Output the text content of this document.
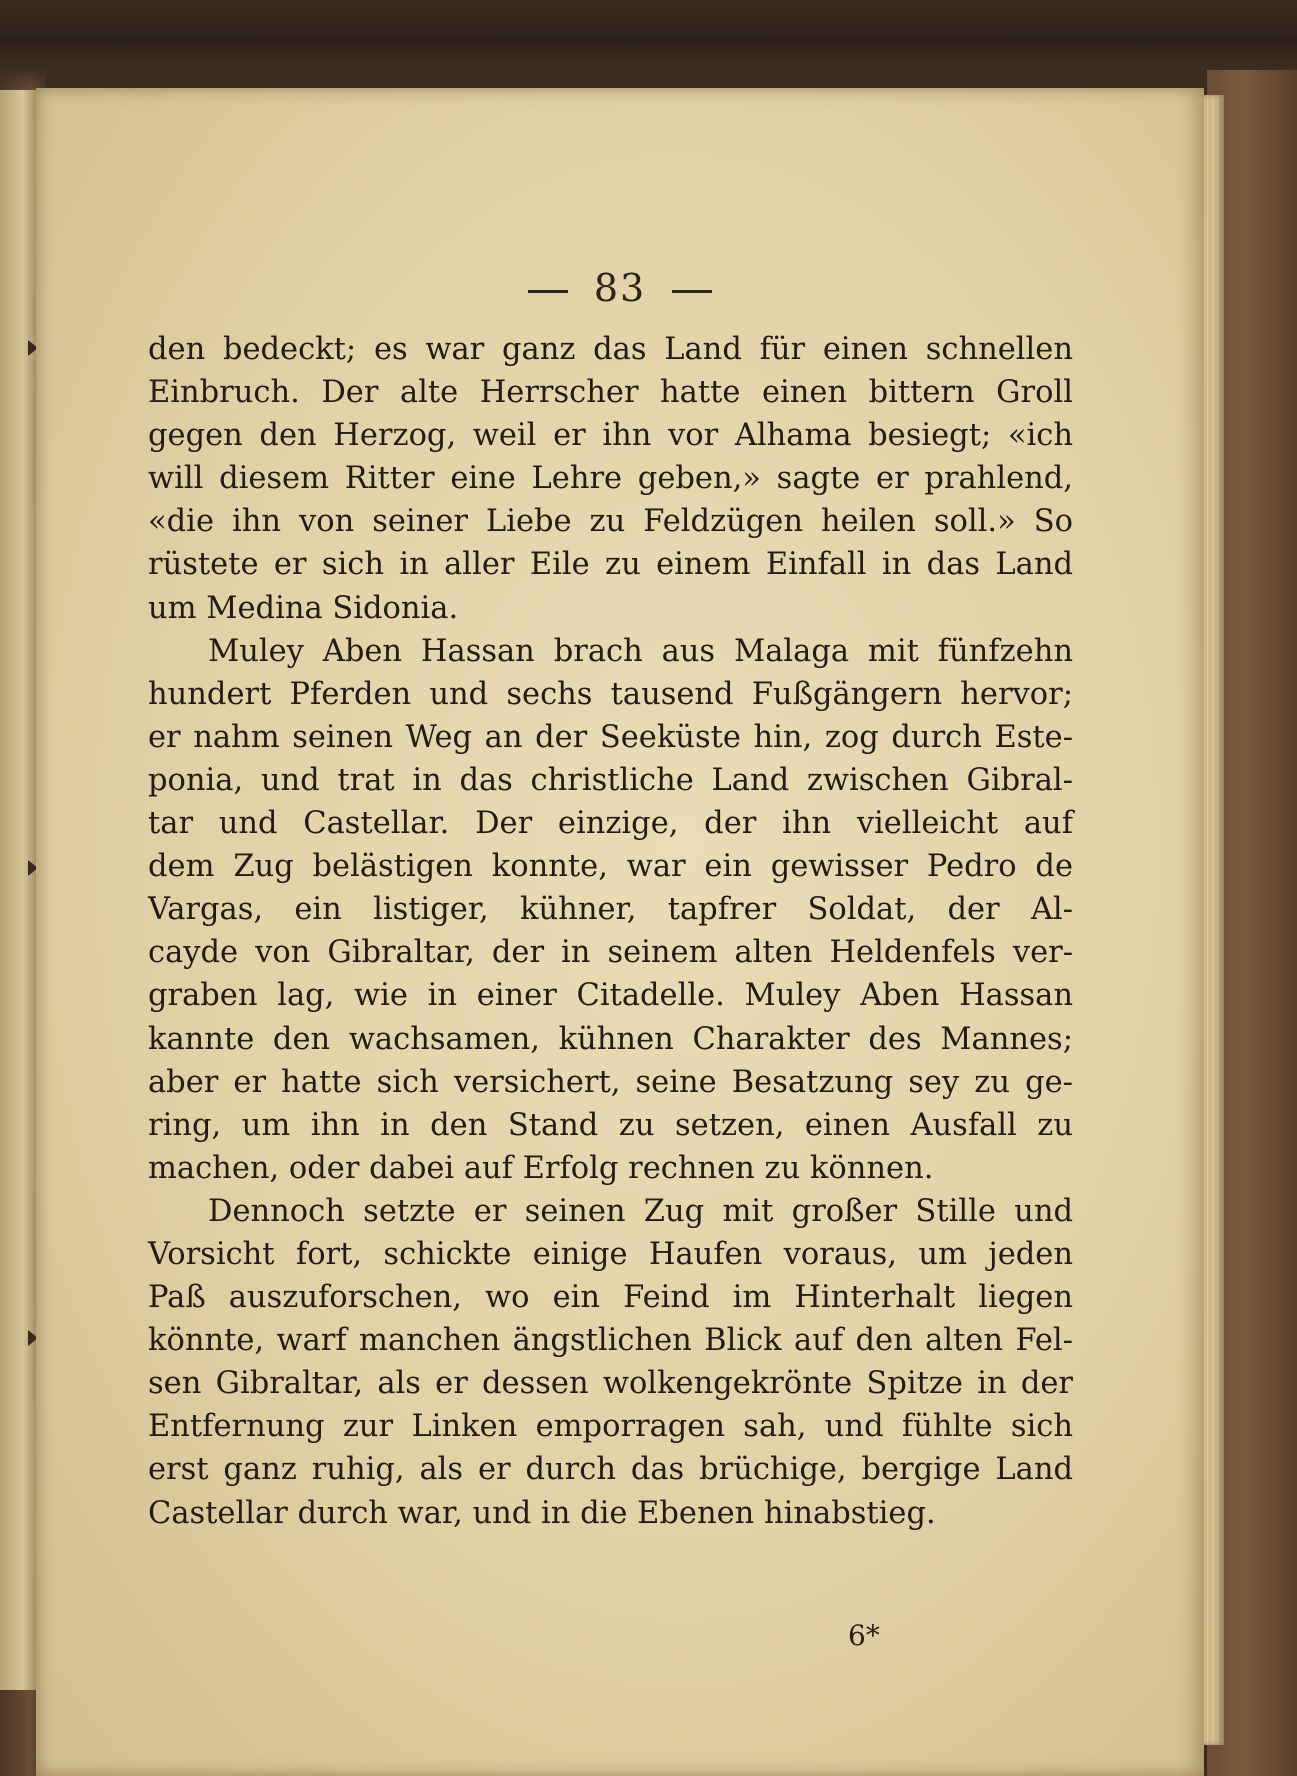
83
den bedeckt; es war ganz das Land für einen schnellen
Einbruch. Der alte Herrscher hatte einen bittern Groll
gegen den Herzog, weil er ihn vor Alhama besiegt; «ich
will diesem Ritter eine Lehre geben,» sagte er prahlend,
«die ihn von seiner Liebe zu Feldzügen heilen soll.» So
rüstete er sich in aller Eile zu einem Einfall in das Land
um Medina Sidonia.
Muley Aben Hassan brach aus Malaga mit fünfzehn
hundert Pferden und sechs tausend Fußgängern hervor;
er nahm seinen Weg an der Seeküste hin, zog durch Este-
ponia, und trat in das christliche Land zwischen Gibral-
tar und Castellar. Der einzige, der ihn vielleicht auf
dem Zug belästigen konnte, war ein gewisser Pedro de
Vargas, ein listiger, kühner, tapfrer Soldat, der Al-
cayde von Gibraltar, der in seinem alten Heldenfels ver-
graben lag, wie in einer Citadelle. Muley Aben Hassan
kannte den wachsamen, kühnen Charakter des Mannes;
aber er hatte sich versichert, seine Besatzung sey zu ge-
ring, um ihn in den Stand zu setzen, einen Ausfall zu
machen, oder dabei auf Erfolg rechnen zu können.
Dennoch setzte er seinen Zug mit großer Stille und
Vorsicht fort, schickte einige Haufen voraus, um jeden
Paß auszuforschen, wo ein Feind im Hinterhalt liegen
könnte, warf manchen ängstlichen Blick auf den alten Fel-
sen Gibraltar, als er dessen wolkengekrönte Spitze in der
Entfernung zur Linken emporragen sah, und fühlte sich
erst ganz ruhig, als er durch das brüchige, bergige Land
Castellar durch war, und in die Ebenen hinabstieg.
6*
